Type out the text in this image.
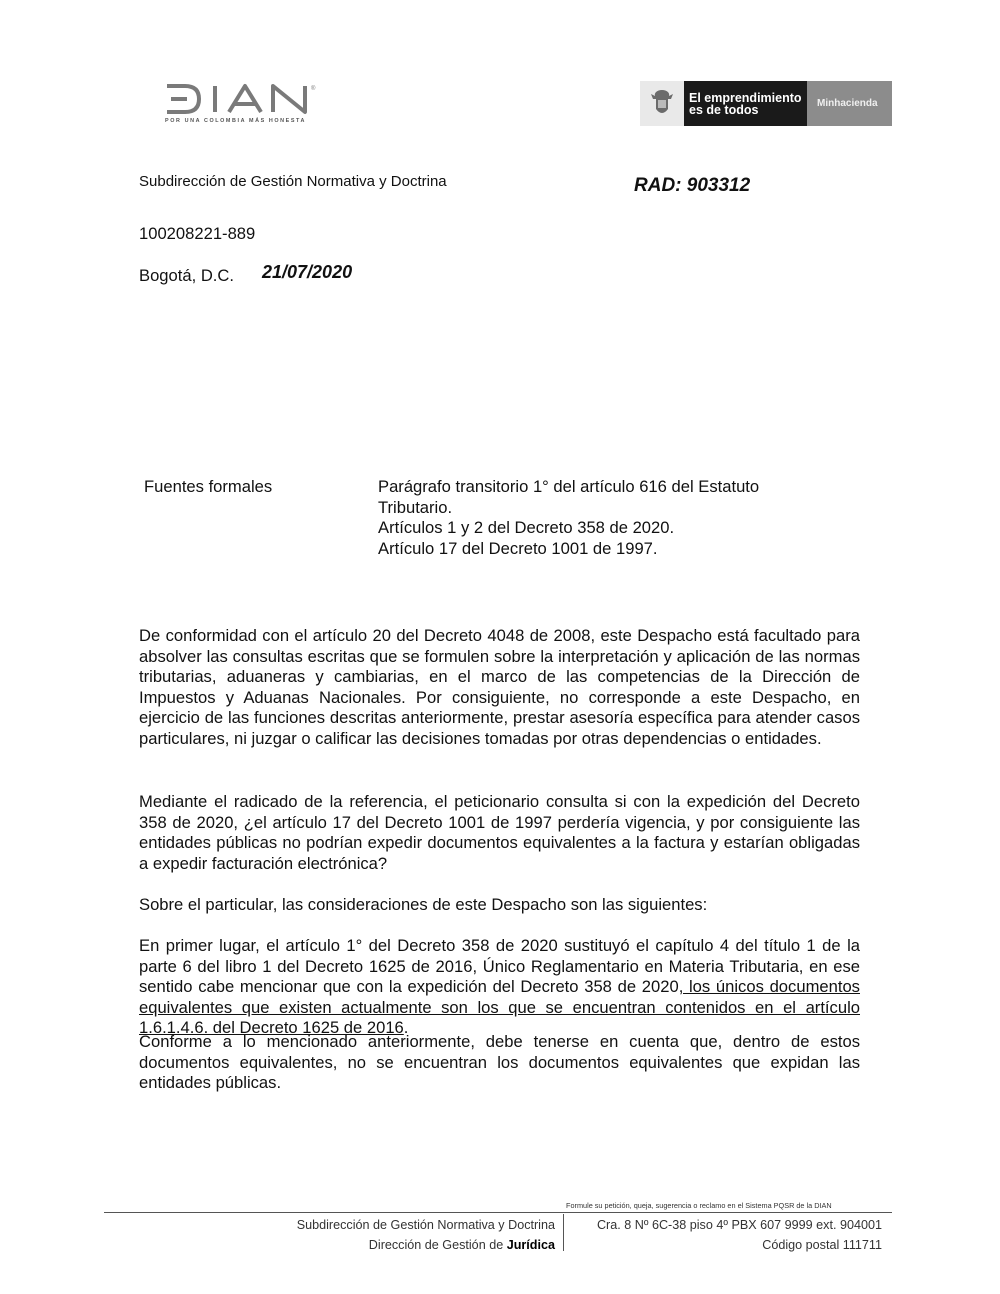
®
POR UNA COLOMBIA MÁS HONESTA
El emprendimiento
es de todos	Minhacienda
Subdirección de Gestión Normativa y Doctrina	RAD: 903312
100208221-889
Bogotá, D.C. 21/07/2020
Fuentes formales	Parágrafo transitorio 1° del artículo 616 del Estatuto
Tributario.
Artículos 1 y 2 del Decreto 358 de 2020.
Artículo 17 del Decreto 1001 de 1997.
De conformidad con el artículo 20 del Decreto 4048 de 2008, este Despacho está facultado para absolver las consultas escritas que se formulen sobre la interpretación y aplicación de las normas tributarias, aduaneras y cambiarias, en el marco de las competencias de la Dirección de Impuestos y Aduanas Nacionales. Por consiguiente, no corresponde a este Despacho, en ejercicio de las funciones descritas anteriormente, prestar asesoría específica para atender casos particulares, ni juzgar o calificar las decisiones tomadas por otras dependencias o entidades.
Mediante el radicado de la referencia, el peticionario consulta si con la expedición del Decreto 358 de 2020, ¿el artículo 17 del Decreto 1001 de 1997 perdería vigencia, y por consiguiente las entidades públicas no podrían expedir documentos equivalentes a la factura y estarían obligadas a expedir facturación electrónica?
Sobre el particular, las consideraciones de este Despacho son las siguientes:
En primer lugar, el artículo 1° del Decreto 358 de 2020 sustituyó el capítulo 4 del título 1 de la parte 6 del libro 1 del Decreto 1625 de 2016, Único Reglamentario en Materia Tributaria, en ese sentido cabe mencionar que con la expedición del Decreto 358 de 2020, los únicos documentos equivalentes que existen actualmente son los que se encuentran contenidos en el artículo 1.6.1.4.6. del Decreto 1625 de 2016.
Conforme a lo mencionado anteriormente, debe tenerse en cuenta que, dentro de estos documentos equivalentes, no se encuentran los documentos equivalentes que expidan las entidades públicas.
Formule su petición, queja, sugerencia o reclamo en el Sistema PQSR de la DIAN
Subdirección de Gestión Normativa y Doctrina
Dirección de Gestión de Jurídica
Cra. 8 Nº 6C-38 piso 4º PBX 607 9999 ext. 904001
Código postal 111711
